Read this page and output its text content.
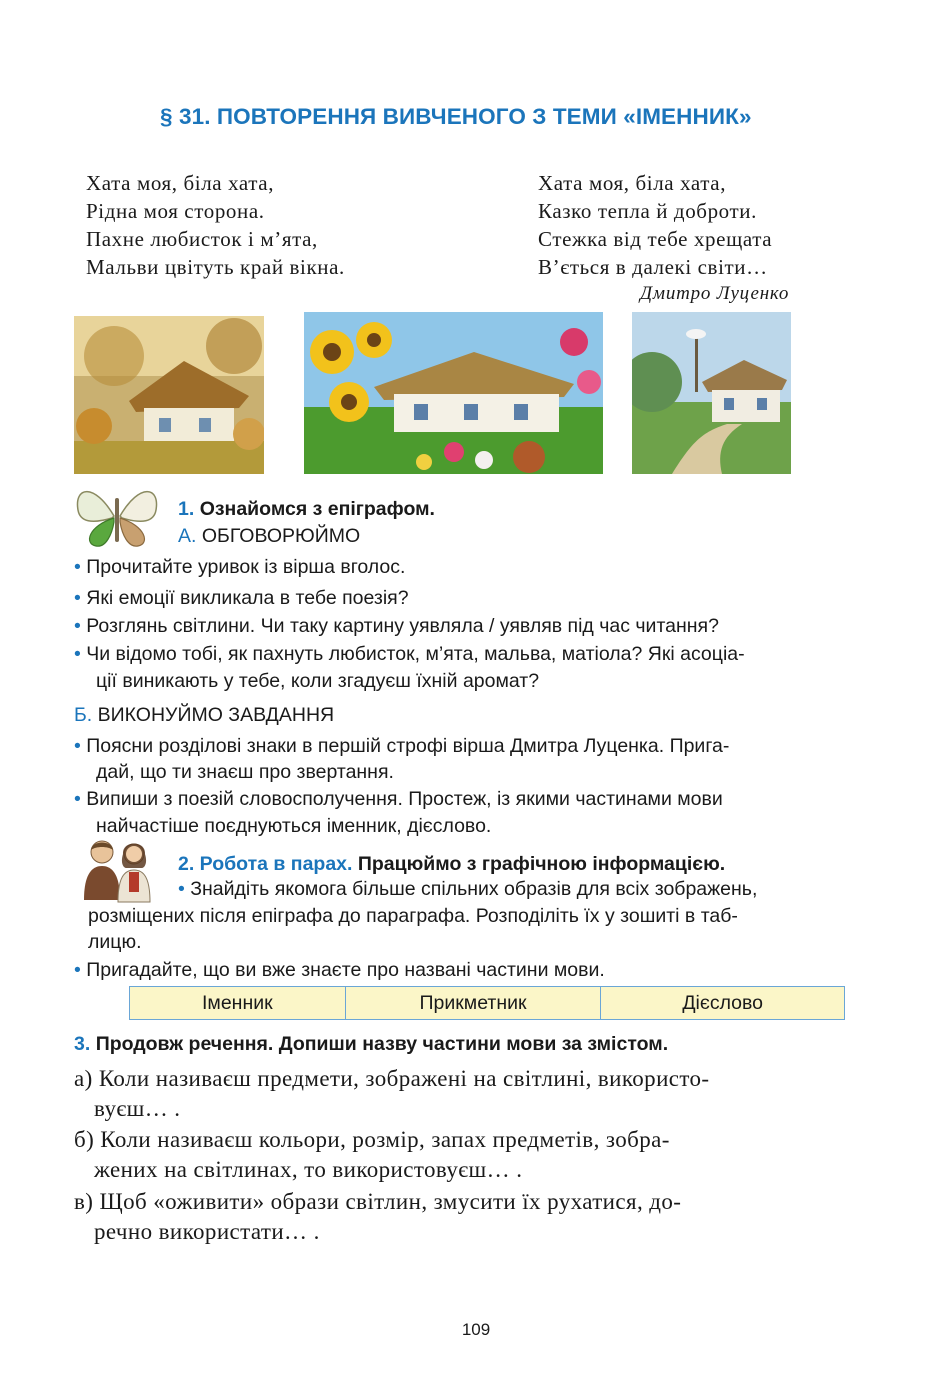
§ 31. ПОВТОРЕННЯ ВИВЧЕНОГО З ТЕМИ «ІМЕННИК»
Хата моя, біла хата,
Рідна моя сторона.
Пахне любисток і м’ята,
Мальви цвітуть край вікна.
Хата моя, біла хата,
Казко тепла й доброти.
Стежка від тебе хрещата
В’ється в далекі світи…
Дмитро Луценко
1. Ознайомся з епіграфом.
А. ОБГОВОРЮЙМО
• Прочитайте уривок із вірша вголос.
• Які емоції викликала в тебе поезія?
• Розглянь світлини. Чи таку картину уявляла / уявляв під час читання?
• Чи відомо тобі, як пахнуть любисток, м’ята, мальва, матіола? Які асоціа-
ції виникають у тебе, коли згадуєш їхній аромат?
Б. ВИКОНУЙМО ЗАВДАННЯ
• Поясни розділові знаки в першій строфі вірша Дмитра Луценка. Прига-
дай, що ти знаєш про звертання.
• Випиши з поезій словосполучення. Простеж, із якими частинами мови
найчастіше поєднуються іменник, дієслово.
2. Робота в парах. Працюймо з графічною інформацією.
• Знайдіть якомога більше спільних образів для всіх зображень,
розміщених після епіграфа до параграфа. Розподіліть їх у зошиті в таб-
лицю.
• Пригадайте, що ви вже знаєте про названі частини мови.
Іменник	Прикметник	Дієслово
3. Продовж речення. Допиши назву частини мови за змістом.
а) Коли називаєш предмети, зображені на світлині, використо-
вуєш… .
б) Коли називаєш кольори, розмір, запах предметів, зобра-
жених на світлинах, то використовуєш… .
в) Щоб «оживити» образи світлин, змусити їх рухатися, до-
речно використати… .
109
